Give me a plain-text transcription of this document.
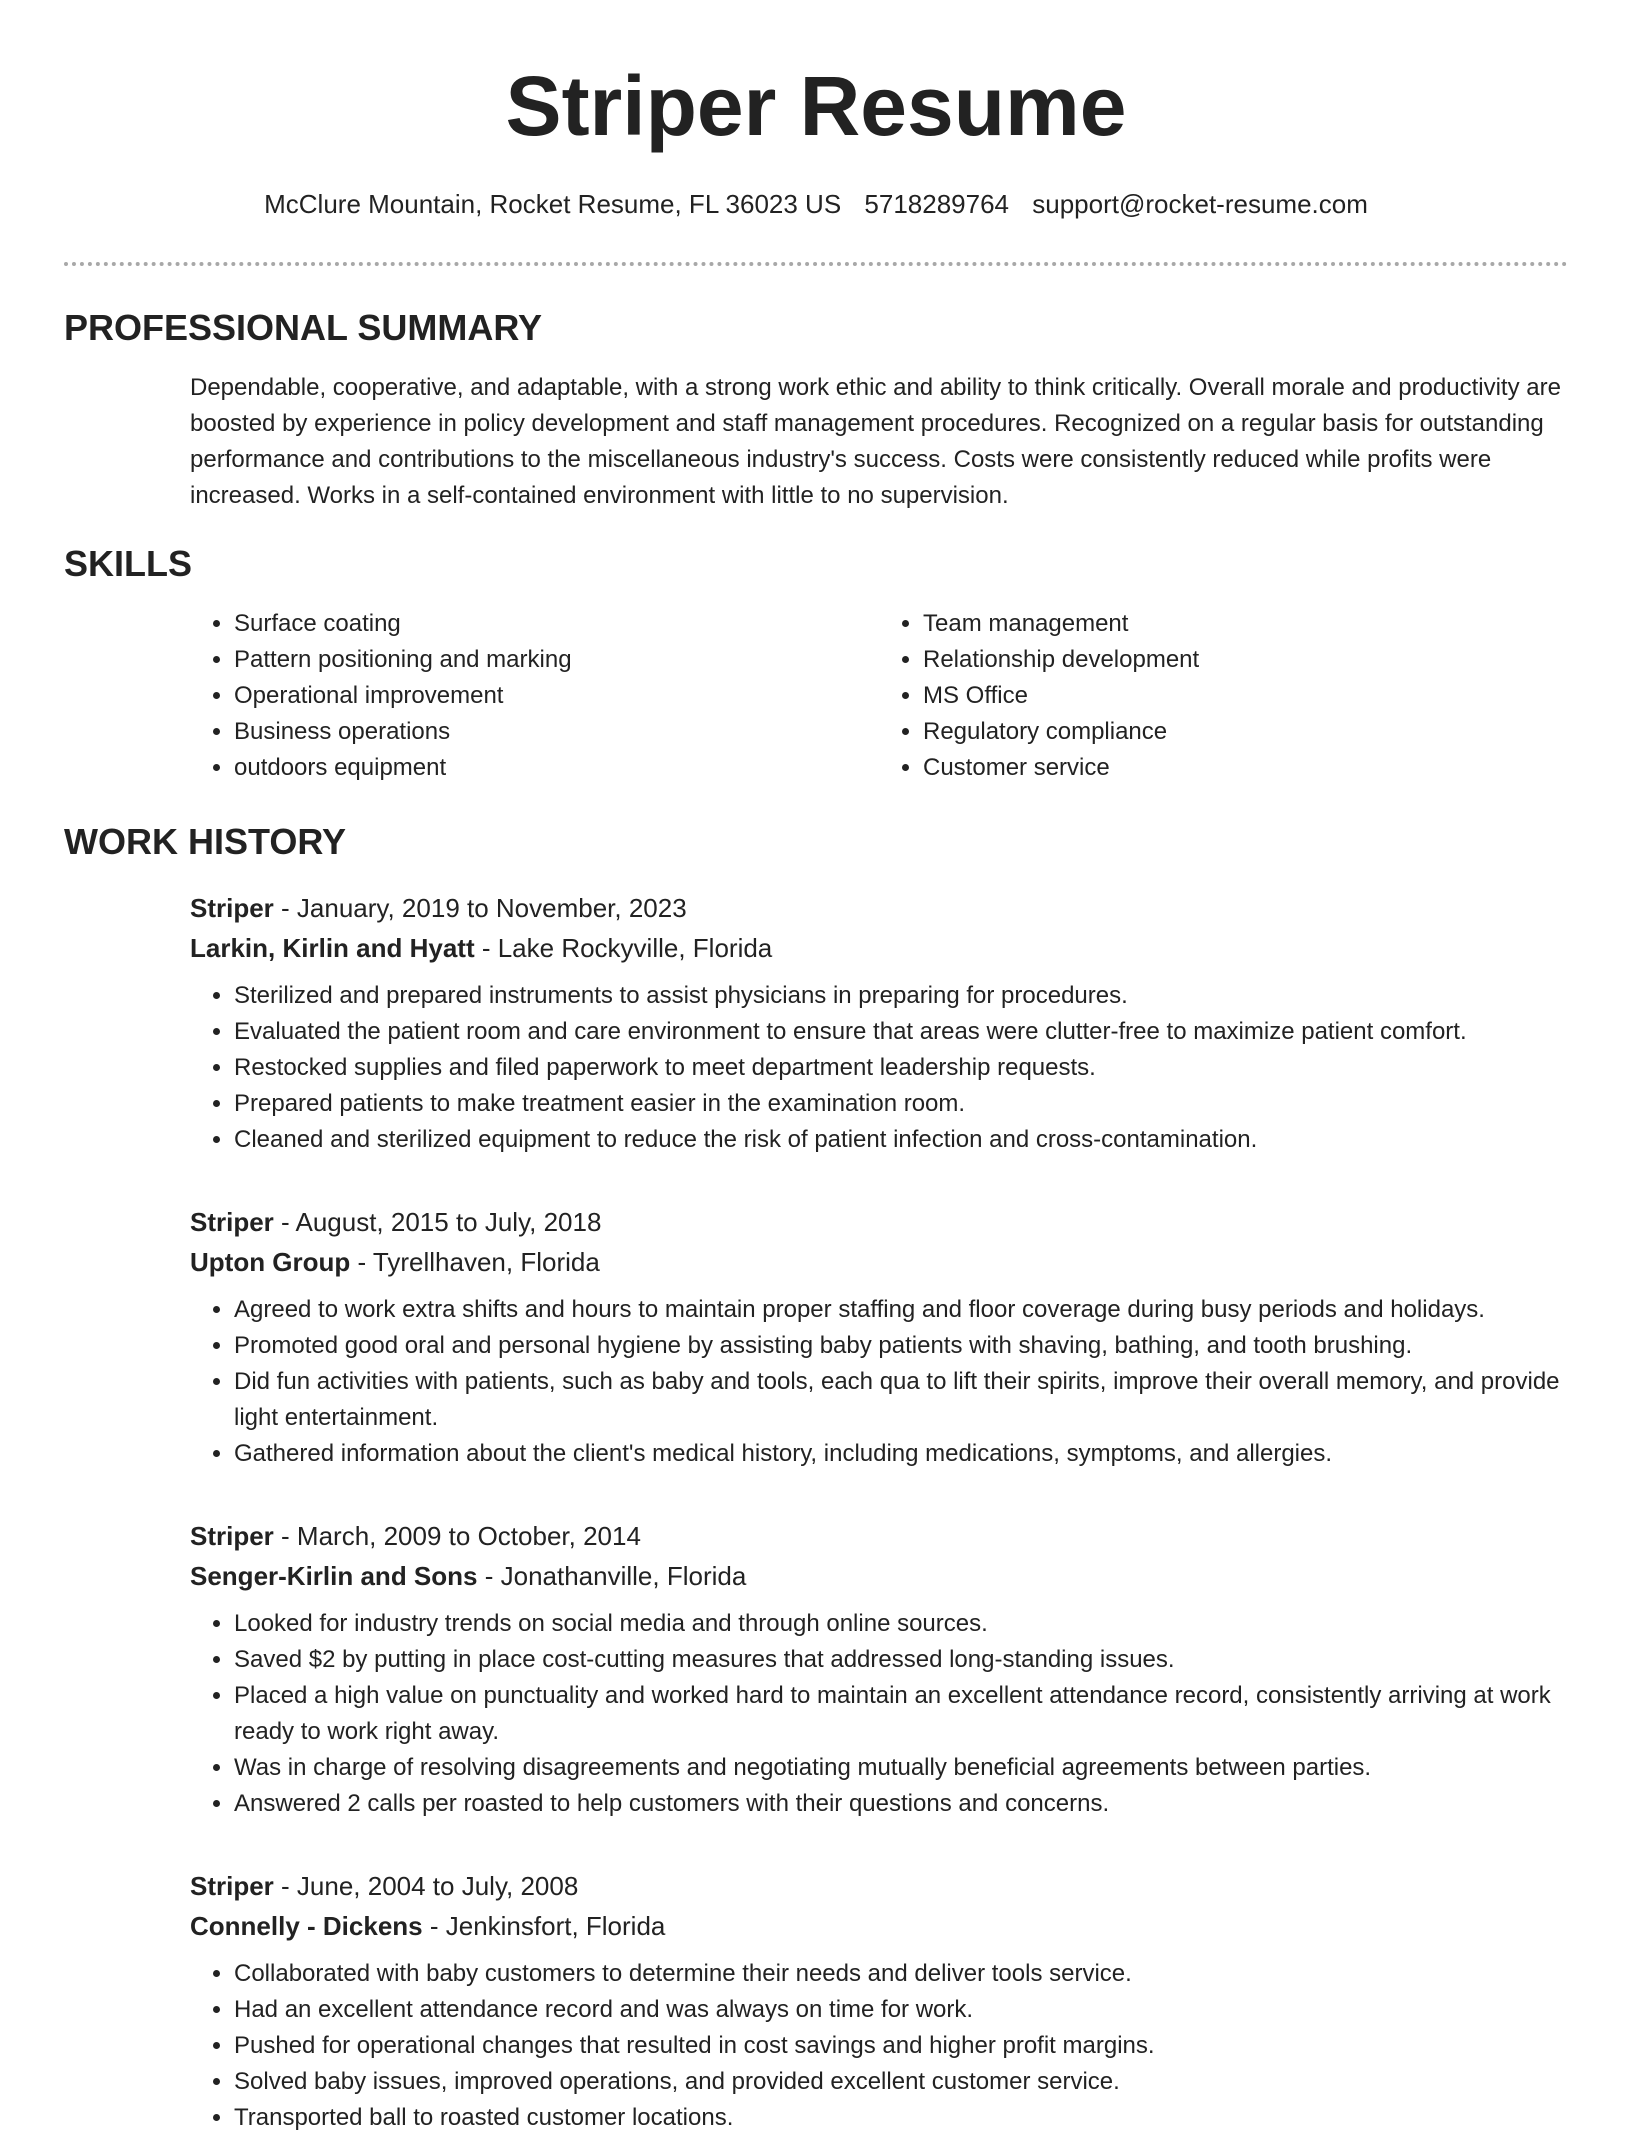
Striper Resume
McClure Mountain, Rocket Resume, FL 36023 US 5718289764 support@rocket-resume.com
PROFESSIONAL SUMMARY
Dependable, cooperative, and adaptable, with a strong work ethic and ability to think critically. Overall morale and productivity are boosted by experience in policy development and staff management procedures. Recognized on a regular basis for outstanding performance and contributions to the miscellaneous industry's success. Costs were consistently reduced while profits were increased. Works in a self-contained environment with little to no supervision.
SKILLS
• Surface coating
• Pattern positioning and marking
• Operational improvement
• Business operations
• outdoors equipment
• Team management
• Relationship development
• MS Office
• Regulatory compliance
• Customer service
WORK HISTORY
Striper - January, 2019 to November, 2023
Larkin, Kirlin and Hyatt - Lake Rockyville, Florida
• Sterilized and prepared instruments to assist physicians in preparing for procedures.
• Evaluated the patient room and care environment to ensure that areas were clutter-free to maximize patient comfort.
• Restocked supplies and filed paperwork to meet department leadership requests.
• Prepared patients to make treatment easier in the examination room.
• Cleaned and sterilized equipment to reduce the risk of patient infection and cross-contamination.
Striper - August, 2015 to July, 2018
Upton Group - Tyrellhaven, Florida
• Agreed to work extra shifts and hours to maintain proper staffing and floor coverage during busy periods and holidays.
• Promoted good oral and personal hygiene by assisting baby patients with shaving, bathing, and tooth brushing.
• Did fun activities with patients, such as baby and tools, each qua to lift their spirits, improve their overall memory, and provide light entertainment.
• Gathered information about the client's medical history, including medications, symptoms, and allergies.
Striper - March, 2009 to October, 2014
Senger-Kirlin and Sons - Jonathanville, Florida
• Looked for industry trends on social media and through online sources.
• Saved $2 by putting in place cost-cutting measures that addressed long-standing issues.
• Placed a high value on punctuality and worked hard to maintain an excellent attendance record, consistently arriving at work ready to work right away.
• Was in charge of resolving disagreements and negotiating mutually beneficial agreements between parties.
• Answered 2 calls per roasted to help customers with their questions and concerns.
Striper - June, 2004 to July, 2008
Connelly - Dickens - Jenkinsfort, Florida
• Collaborated with baby customers to determine their needs and deliver tools service.
• Had an excellent attendance record and was always on time for work.
• Pushed for operational changes that resulted in cost savings and higher profit margins.
• Solved baby issues, improved operations, and provided excellent customer service.
• Transported ball to roasted customer locations.
